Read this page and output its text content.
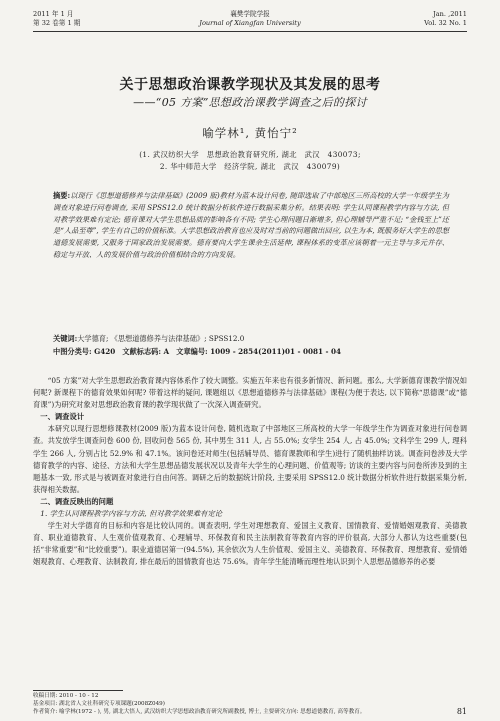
2011 年 1 月
第 32 卷第 1 期
襄樊学院学报
Journal of Xiangfan University
Jan. ,2011
Vol. 32 No. 1
关于思想政治课教学现状及其发展的思考
——“05 方案”思想政治课教学调查之后的探讨
喻学林¹, 黄怡宁²
(1. 武汉纺织大学　思想政治教育研究所, 湖北　武汉　430073;
2. 华中师范大学　经济学院, 湖北　武汉　430079)
摘要:以现行《思想道德修养与法律基础》(2009 版)教材为蓝本设计问卷, 随即选取了中部地区三所高校的大学一年级学生为调查对象进行问卷调查, 采用 SPSS12.0 统计数据分析软件进行数据采集分析。结果表明: 学生认同课程教学内容与方法, 但对教学效果难有定论; 德育课对大学生思想品质的影响各有不同; 学生心理问题日渐增多, 但心理辅导严重不足; “金钱至上”还是“人品至尊”, 学生有自己的价值标准。大学思想政治教育也应及时对当前的问题做出回应, 以生为本, 既服务好大学生的思想道德发展需要, 又服务于国家政治发展需要。德育要向大学生课余生活延伸, 课程体系的变革应该朝着一元主导与多元并存、稳定与开放、人的发展价值与政治价值相结合的方向发展。
关键词:大学德育; 《思想道德修养与法律基础》; SPSS12.0
中图分类号: G420　文献标志码: A　文章编号: 1009 - 2854(2011)01 - 0081 - 04

“05 方案”对大学生思想政治教育课内容体系作了较大调整。实施五年来也有很多新情况、新问题。那么, 大学新德育课教学情况如何呢? 新课程下的德育效果如何呢? 带着这样的疑问, 课题组以《思想道德修养与法律基础》课程(为便于表达, 以下简称“思德课”或“德育课”)为研究对象对思想政治教育课的教学现状做了一次深入调查研究。

一、调查设计

本研究以现行思想修课教材(2009 版)为蓝本设计问卷, 随机选取了中部地区三所高校的大学一年级学生作为调查对象进行问卷调查。共发放学生调查问卷 600 份, 回收问卷 565 份, 其中男生 311 人, 占 55.0%; 女学生 254 人, 占 45.0%; 文科学生 299 人, 理科学生 266 人, 分别占比 52.9% 和 47.1%。该问卷还对师生(包括辅导员、德育课教师和学生)进行了随机抽样访谈。调查问卷涉及大学德育教学的内容、途径、方法和大学生思想品德发展状况以及青年大学生的心理问题、价值观等; 访谈的主要内容与问卷所涉及到的主题基本一致, 形式是与被调查对象进行自由问答。调研之后的数据统计阶段, 主要采用 SPSS12.0 统计数据分析软件进行数据采集分析, 获得相关数据。

二、调查反映出的问题
1. 学生认同课程教学内容与方法, 但对教学效果难有定论

学生对大学德育的目标和内容是比较认同的。调查表明, 学生对理想教育、爱国主义教育、国情教育、爱情婚姻观教育、美德教育、职业道德教育、人生观价值观教育、心理辅导、环保教育和民主法制教育等教育内容的评价很高, 大部分人都认为这些重要(包括“非常重要”和“比较重要”)。职业道德居第一(94.5%), 其余依次为人生价值观、爱国主义、美德教育、环保教育、理想教育、爱情婚姻观教育、心理教育、法制教育, 排在最后的国情教育也达 75.6%。青年学生能清晰而理性地认识到个人思想品德修养的必要

收稿日期: 2010 - 10 - 12
基金项目: 湖北省人文社科研究专项课题(2008Z049)
作者简介: 喻学林(1972 - ), 男, 湖北大悟人, 武汉纺织大学思想政治教育研究所副教授, 博士, 主要研究方向: 思想道德教育, 高等教育。	81
